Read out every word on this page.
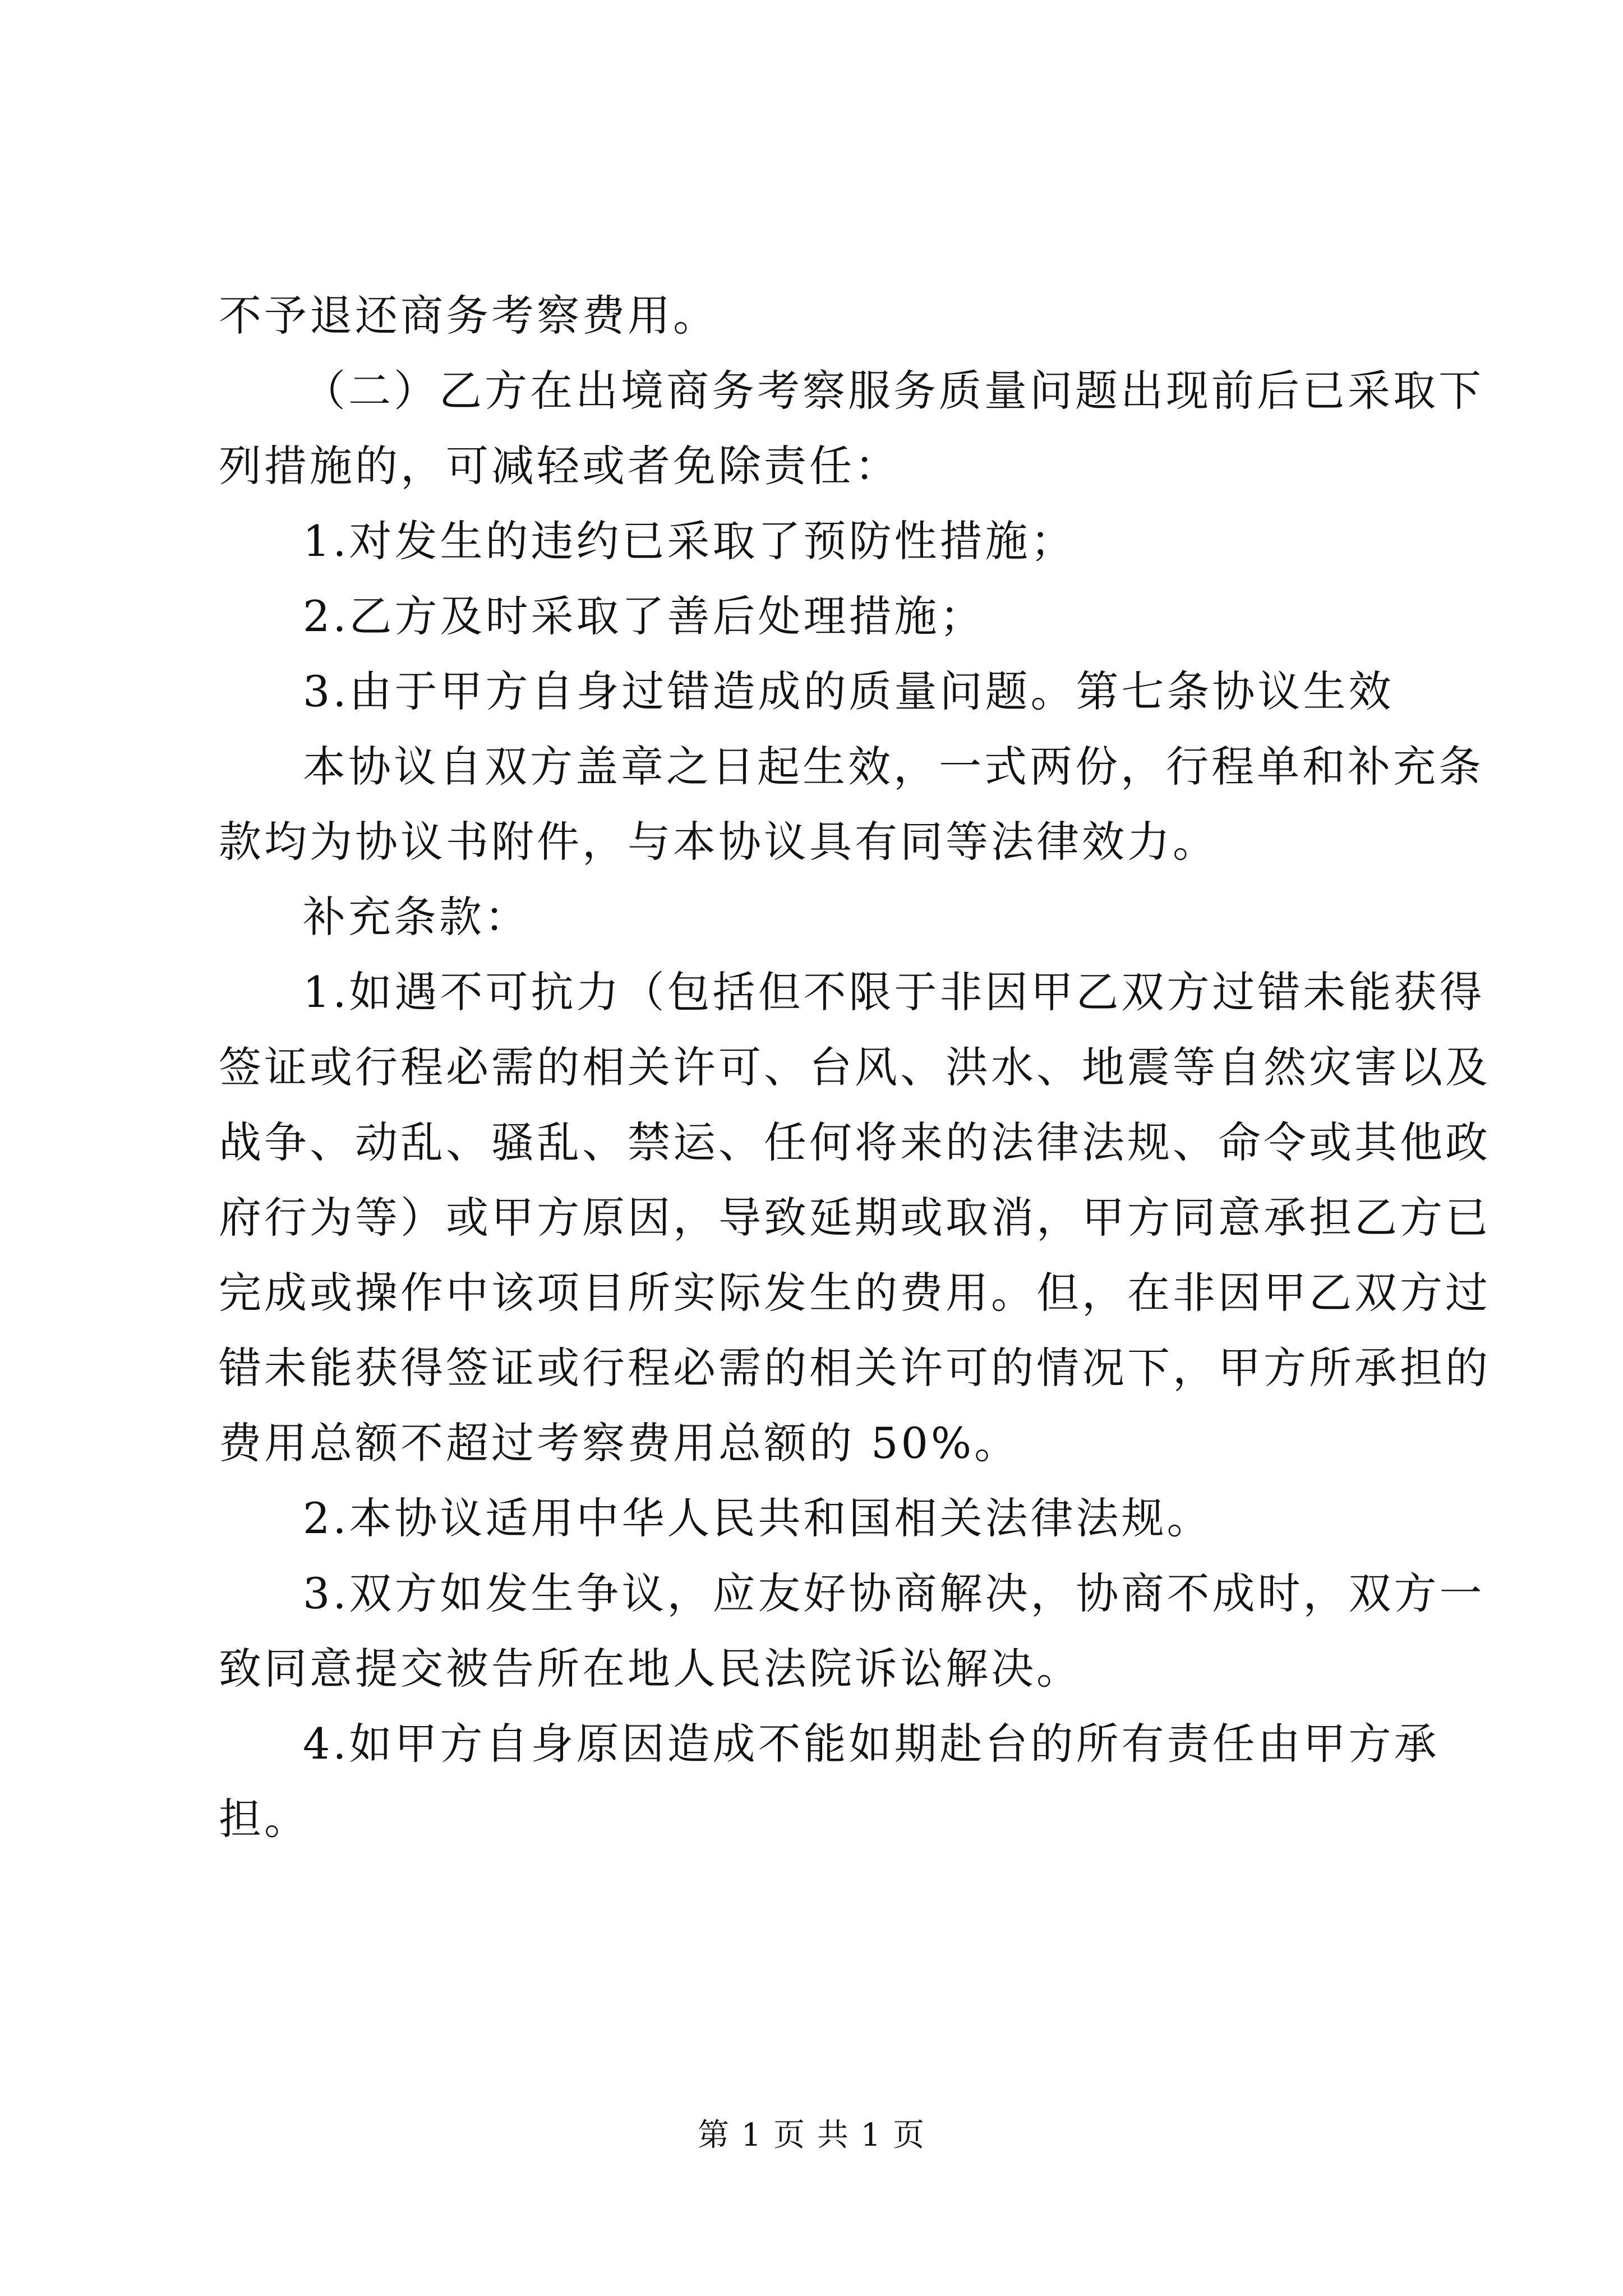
不予退还商务考察费用。
（二）乙方在出境商务考察服务质量问题出现前后已采取下
列措施的，可减轻或者免除责任：
1.对发生的违约已采取了预防性措施；
2.乙方及时采取了善后处理措施；
3.由于甲方自身过错造成的质量问题。第七条协议生效
本协议自双方盖章之日起生效，一式两份，行程单和补充条
款均为协议书附件，与本协议具有同等法律效力。
补充条款：
1.如遇不可抗力（包括但不限于非因甲乙双方过错未能获得
签证或行程必需的相关许可、台风、洪水、地震等自然灾害以及
战争、动乱、骚乱、禁运、任何将来的法律法规、命令或其他政
府行为等）或甲方原因，导致延期或取消，甲方同意承担乙方已
完成或操作中该项目所实际发生的费用。但，在非因甲乙双方过
错未能获得签证或行程必需的相关许可的情况下，甲方所承担的
费用总额不超过考察费用总额的 50%。
2.本协议适用中华人民共和国相关法律法规。
3.双方如发生争议，应友好协商解决，协商不成时，双方一
致同意提交被告所在地人民法院诉讼解决。
4.如甲方自身原因造成不能如期赴台的所有责任由甲方承
担。
第 1 页 共 1 页
